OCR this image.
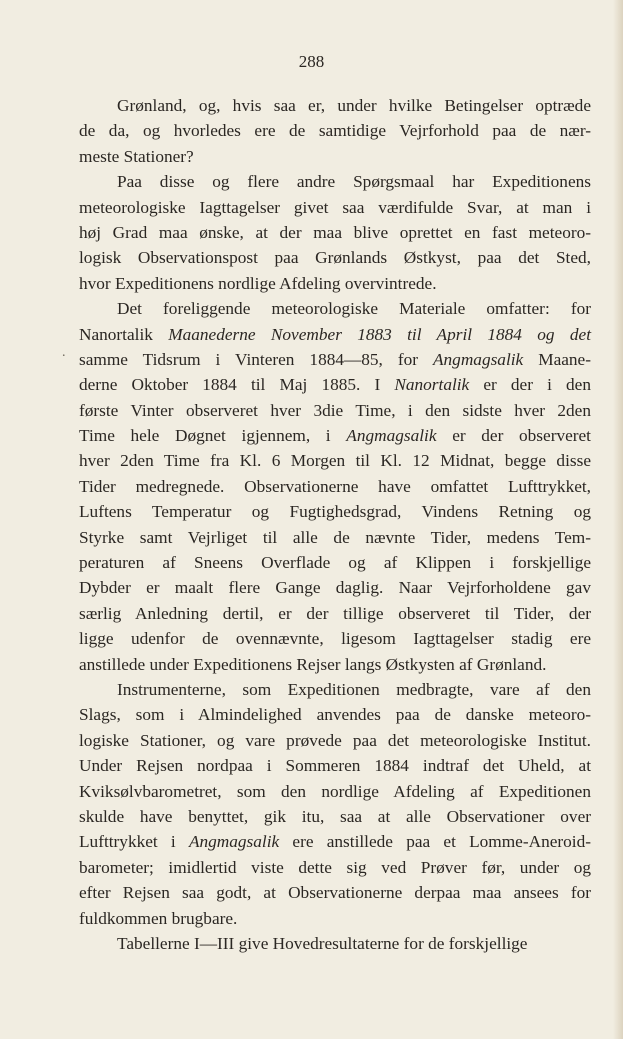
288
.
Grønland, og, hvis saa er, under hvilke Betingelser optræde
de da, og hvorledes ere de samtidige Vejrforhold paa de nær-
meste Stationer?
Paa disse og flere andre Spørgsmaal har Expeditionens
meteorologiske Iagttagelser givet saa værdifulde Svar, at man i
høj Grad maa ønske, at der maa blive oprettet en fast meteoro-
logisk Observationspost paa Grønlands Østkyst, paa det Sted,
hvor Expeditionens nordlige Afdeling overvintrede.
Det foreliggende meteorologiske Materiale omfatter: for
Nanortalik Maanederne November 1883 til April 1884 og det
samme Tidsrum i Vinteren 1884—85, for Angmagsalik Maane-
derne Oktober 1884 til Maj 1885. I Nanortalik er der i den
første Vinter observeret hver 3die Time, i den sidste hver 2den
Time hele Døgnet igjennem, i Angmagsalik er der observeret
hver 2den Time fra Kl. 6 Morgen til Kl. 12 Midnat, begge disse
Tider medregnede. Observationerne have omfattet Lufttrykket,
Luftens Temperatur og Fugtighedsgrad, Vindens Retning og
Styrke samt Vejrliget til alle de nævnte Tider, medens Tem-
peraturen af Sneens Overflade og af Klippen i forskjellige
Dybder er maalt flere Gange daglig. Naar Vejrforholdene gav
særlig Anledning dertil, er der tillige observeret til Tider, der
ligge udenfor de ovennævnte, ligesom Iagttagelser stadig ere
anstillede under Expeditionens Rejser langs Østkysten af Grønland.
Instrumenterne, som Expeditionen medbragte, vare af den
Slags, som i Almindelighed anvendes paa de danske meteoro-
logiske Stationer, og vare prøvede paa det meteorologiske Institut.
Under Rejsen nordpaa i Sommeren 1884 indtraf det Uheld, at
Kviksølvbarometret, som den nordlige Afdeling af Expeditionen
skulde have benyttet, gik itu, saa at alle Observationer over
Lufttrykket i Angmagsalik ere anstillede paa et Lomme-Aneroid-
barometer; imidlertid viste dette sig ved Prøver før, under og
efter Rejsen saa godt, at Observationerne derpaa maa ansees for
fuldkommen brugbare.
Tabellerne I—III give Hovedresultaterne for de forskjellige
